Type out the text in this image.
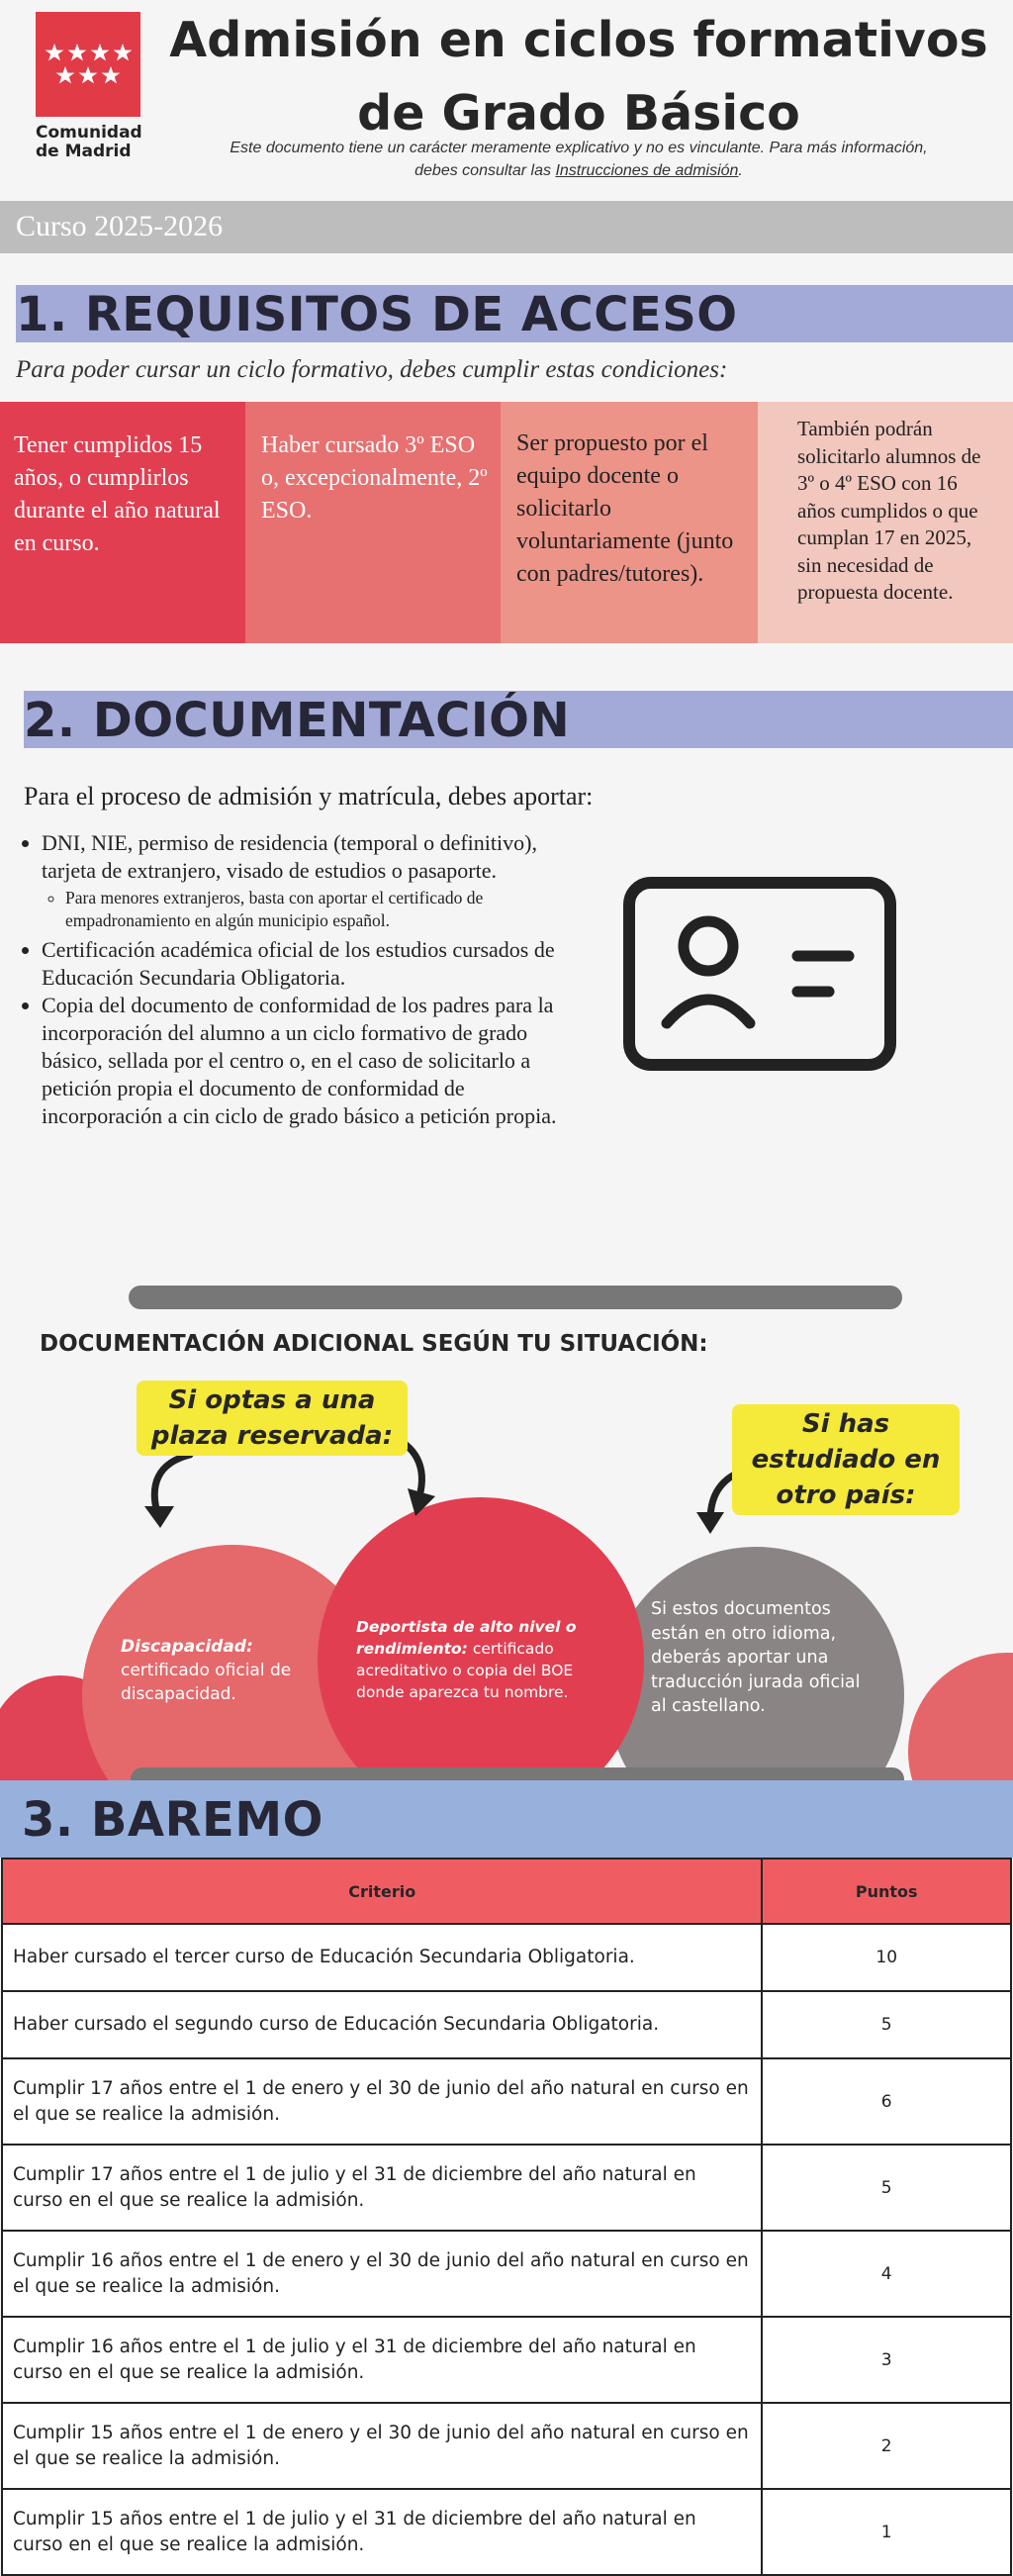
Comunidad de Madrid
Admisión en ciclos formativos de Grado Básico
Este documento tiene un carácter meramente explicativo y no es vinculante. Para más información,
debes consultar las Instrucciones de admisión.
Curso 2025-2026
1. REQUISITOS DE ACCESO
Para poder cursar un ciclo formativo, debes cumplir estas condiciones:

Tener cumplidos 15 años, o cumplirlos durante el año natural en curso.

Haber cursado 3º ESO o, excepcionalmente, 2º ESO.

Ser propuesto por el equipo docente o solicitarlo voluntariamente (junto con padres/tutores).

También podrán solicitarlo alumnos de 3º o 4º ESO con 16 años cumplidos o que cumplan 17 en 2025, sin necesidad de propuesta docente.

2. DOCUMENTACIÓN
Para el proceso de admisión y matrícula, debes aportar:
• DNI, NIE, permiso de residencia (temporal o definitivo), tarjeta de extranjero, visado de estudios o pasaporte.
◦ Para menores extranjeros, basta con aportar el certificado de empadronamiento en algún municipio español.
• Certificación académica oficial de los estudios cursados de Educación Secundaria Obligatoria.
• Copia del documento de conformidad de los padres para la incorporación del alumno a un ciclo formativo de grado básico, sellada por el centro o, en el caso de solicitarlo a petición propia el documento de conformidad de incorporación a cin ciclo de grado básico a petición propia.
DOCUMENTACIÓN ADICIONAL SEGÚN TU SITUACIÓN:
Si optas a una plaza reservada:	Si has estudiado en otro país:
Discapacidad: certificado oficial de discapacidad.
Deportista de alto nivel o rendimiento: certificado acreditativo o copia del BOE donde aparezca tu nombre.
Si estos documentos están en otro idioma, deberás aportar una traducción jurada oficial al castellano.
3. BAREMO
Criterio	Puntos
Haber cursado el tercer curso de Educación Secundaria Obligatoria.	10
Haber cursado el segundo curso de Educación Secundaria Obligatoria.	5
Cumplir 17 años entre el 1 de enero y el 30 de junio del año natural en curso en el que se realice la admisión.	6
Cumplir 17 años entre el 1 de julio y el 31 de diciembre del año natural en curso en el que se realice la admisión.	5
Cumplir 16 años entre el 1 de enero y el 30 de junio del año natural en curso en el que se realice la admisión.	4
Cumplir 16 años entre el 1 de julio y el 31 de diciembre del año natural en curso en el que se realice la admisión.	3
Cumplir 15 años entre el 1 de enero y el 30 de junio del año natural en curso en el que se realice la admisión.	2
Cumplir 15 años entre el 1 de julio y el 31 de diciembre del año natural en curso en el que se realice la admisión.	1
